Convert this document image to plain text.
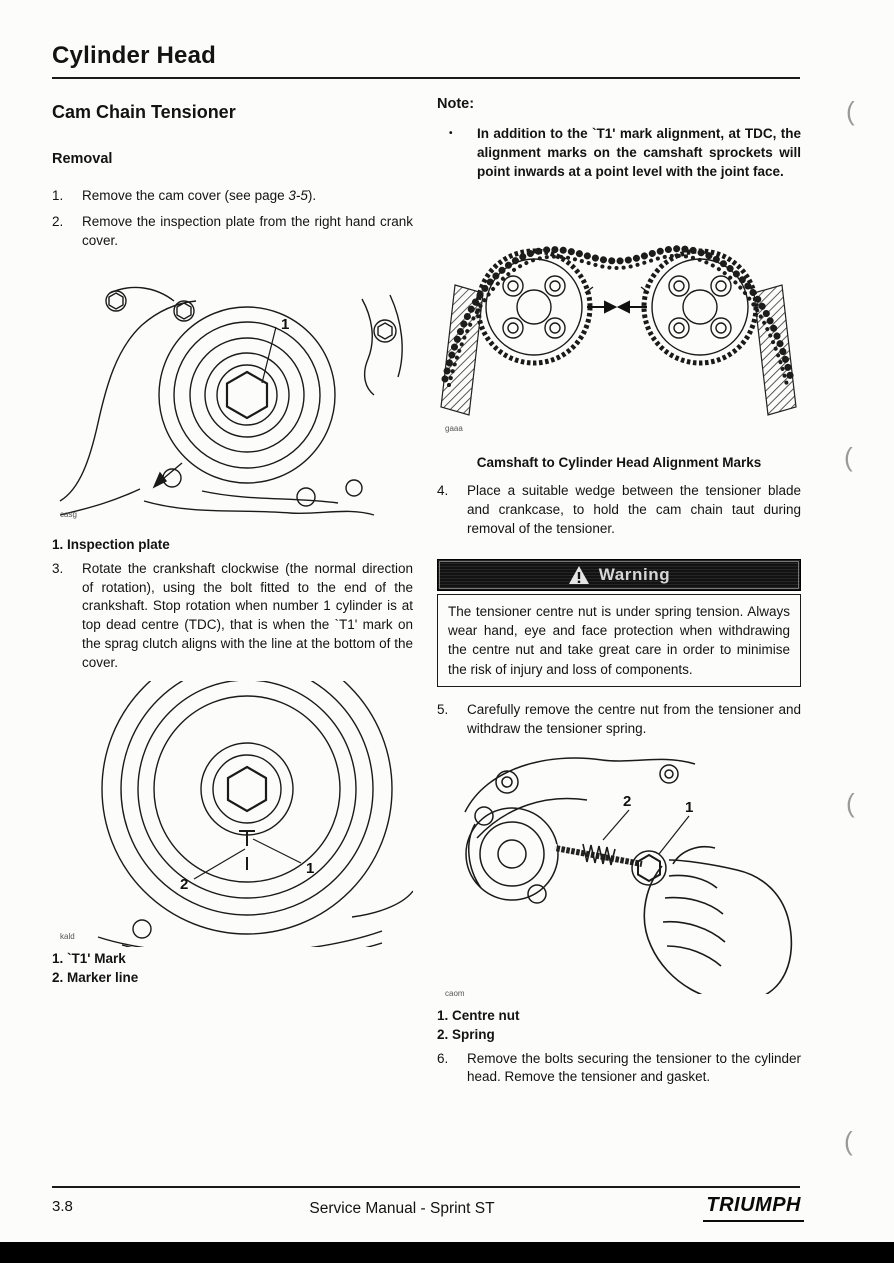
Cylinder Head
Cam Chain Tensioner
Removal
1.	Remove the cam cover (see page 3-5).
2.	Remove the inspection plate from the right hand crank cover.
1
casg
1. Inspection plate
3.	Rotate the crankshaft clockwise (the normal direction of rotation), using the bolt fitted to the end of the crankshaft. Stop rotation when number 1 cylinder is at top dead centre (TDC), that is when the `T1' mark on the sprag clutch aligns with the line at the bottom of the cover.
2
1
kald
1. `T1' Mark
2. Marker line
Note:
•	In addition to the `T1' mark alignment, at TDC, the alignment marks on the camshaft sprockets will point inwards at a point level with the joint face.
gaaa
Camshaft to Cylinder Head Alignment Marks
4.	Place a suitable wedge between the tensioner blade and crankcase, to hold the cam chain taut during removal of the tensioner.
Warning
The tensioner centre nut is under spring tension. Always wear hand, eye and face protection when withdrawing the centre nut and take great care in order to minimise the risk of injury and loss of components.
5.	Carefully remove the centre nut from the tensioner and withdraw the tensioner spring.
2	1
caom
1. Centre nut
2. Spring
6.	Remove the bolts securing the tensioner to the cylinder head. Remove the tensioner and gasket.
3.8	Service Manual - Sprint ST	TRIUMPH
(
(
(
(
